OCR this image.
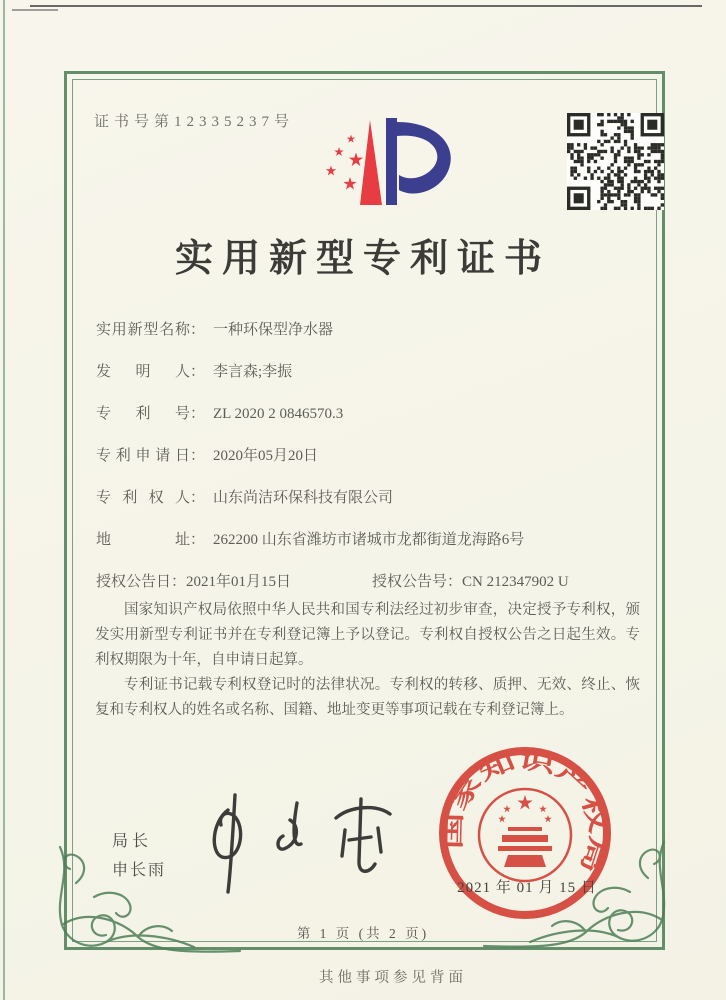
证书号第12335237号
实用新型专利证书
实用新型名称： 一种环保型净水器
发明人： 李言森;李振
专利号： ZL 2020 2 0846570.3
专利申请日： 2020年05月20日
专利权人： 山东尚洁环保科技有限公司
地址： 262200 山东省潍坊市诸城市龙都街道龙海路6号
授权公告日：2021年01月15日	授权公告号：CN 212347902 U

国家知识产权局依照中华人民共和国专利法经过初步审查，决定授予专利权，颁发实用新型专利证书并在专利登记簿上予以登记。专利权自授权公告之日起生效。专利权期限为十年，自申请日起算。

专利证书记载专利权登记时的法律状况。专利权的转移、质押、无效、终止、恢复和专利权人的姓名或名称、国籍、地址变更等事项记载在专利登记簿上。

局长
申长雨
国家知识产权局
2021 年 01 月 15 日
第 1 页 (共 2 页)
其他事项参见背面
